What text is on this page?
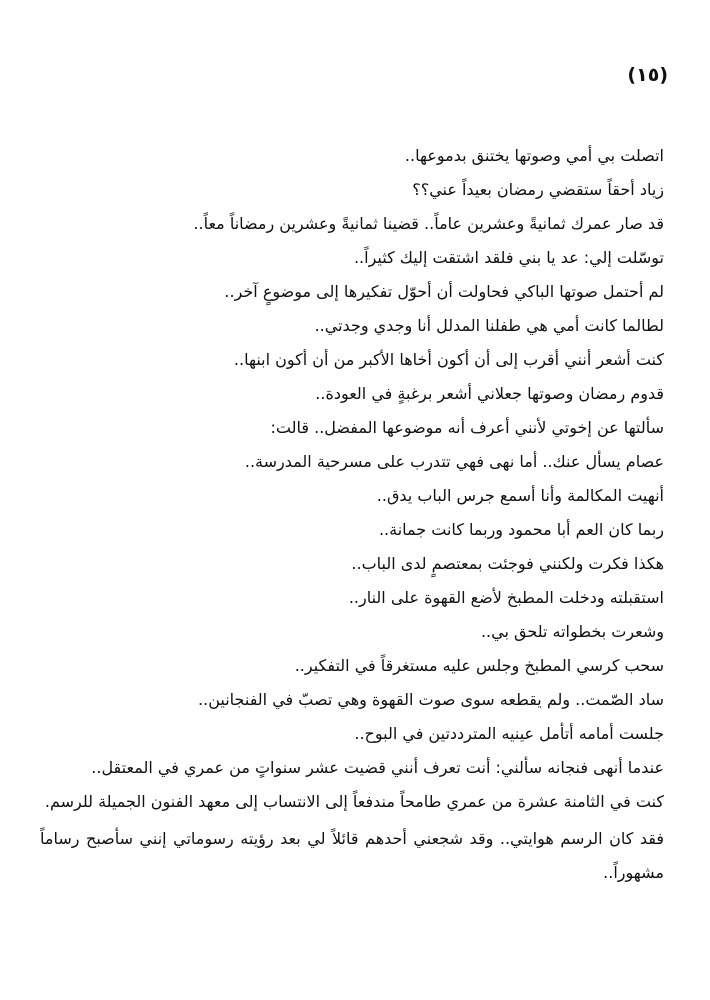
(١٥)
اتصلت بي أمي وصوتها يختنق بدموعها..
زياد أحقاً ستقضي رمضان بعيداً عني؟؟
قد صار عمرك ثمانيةً وعشرين عاماً.. قضينا ثمانيةً وعشرين رمضاناً معاً..
توسّلت إلي: عد يا بني فلقد اشتقت إليك كثيراً..
لم أحتمل صوتها الباكي فحاولت أن أحوّل تفكيرها إلى موضوعٍ آخر..
لطالما كانت أمي هي طفلنا المدلل أنا وجدي وجدتي..
كنت أشعر أنني أقرب إلى أن أكون أخاها الأكبر من أن أكون ابنها..
قدوم رمضان وصوتها جعلاني أشعر برغبةٍ في العودة..
سألتها عن إخوتي لأنني أعرف أنه موضوعها المفضل.. قالت:
عصام يسأل عنك.. أما نهى فهي تتدرب على مسرحية المدرسة..
أنهيت المكالمة وأنا أسمع جرس الباب يدق..
ربما كان العم أبا محمود وربما كانت جمانة..
هكذا فكرت ولكنني فوجئت بمعتصمٍ لدى الباب..
استقبلته ودخلت المطبخ لأضع القهوة على النار..
وشعرت بخطواته تلحق بي..
سحب كرسي المطبخ وجلس عليه مستغرقاً في التفكير..
ساد الصّمت.. ولم يقطعه سوى صوت القهوة وهي تصبّ في الفنجانين..
جلست أمامه أتأمل عينيه المترددتين في البوح..
عندما أنهى فنجانه سألني: أنت تعرف أنني قضيت عشر سنواتٍ من عمري في المعتقل..
كنت في الثامنة عشرة من عمري طامحاً مندفعاً إلى الانتساب إلى معهد الفنون الجميلة للرسم.
فقد كان الرسم هوايتي.. وقد شجعني أحدهم قائلاً لي بعد رؤيته رسوماتي إنني سأصبح رساماً مشهوراً..
